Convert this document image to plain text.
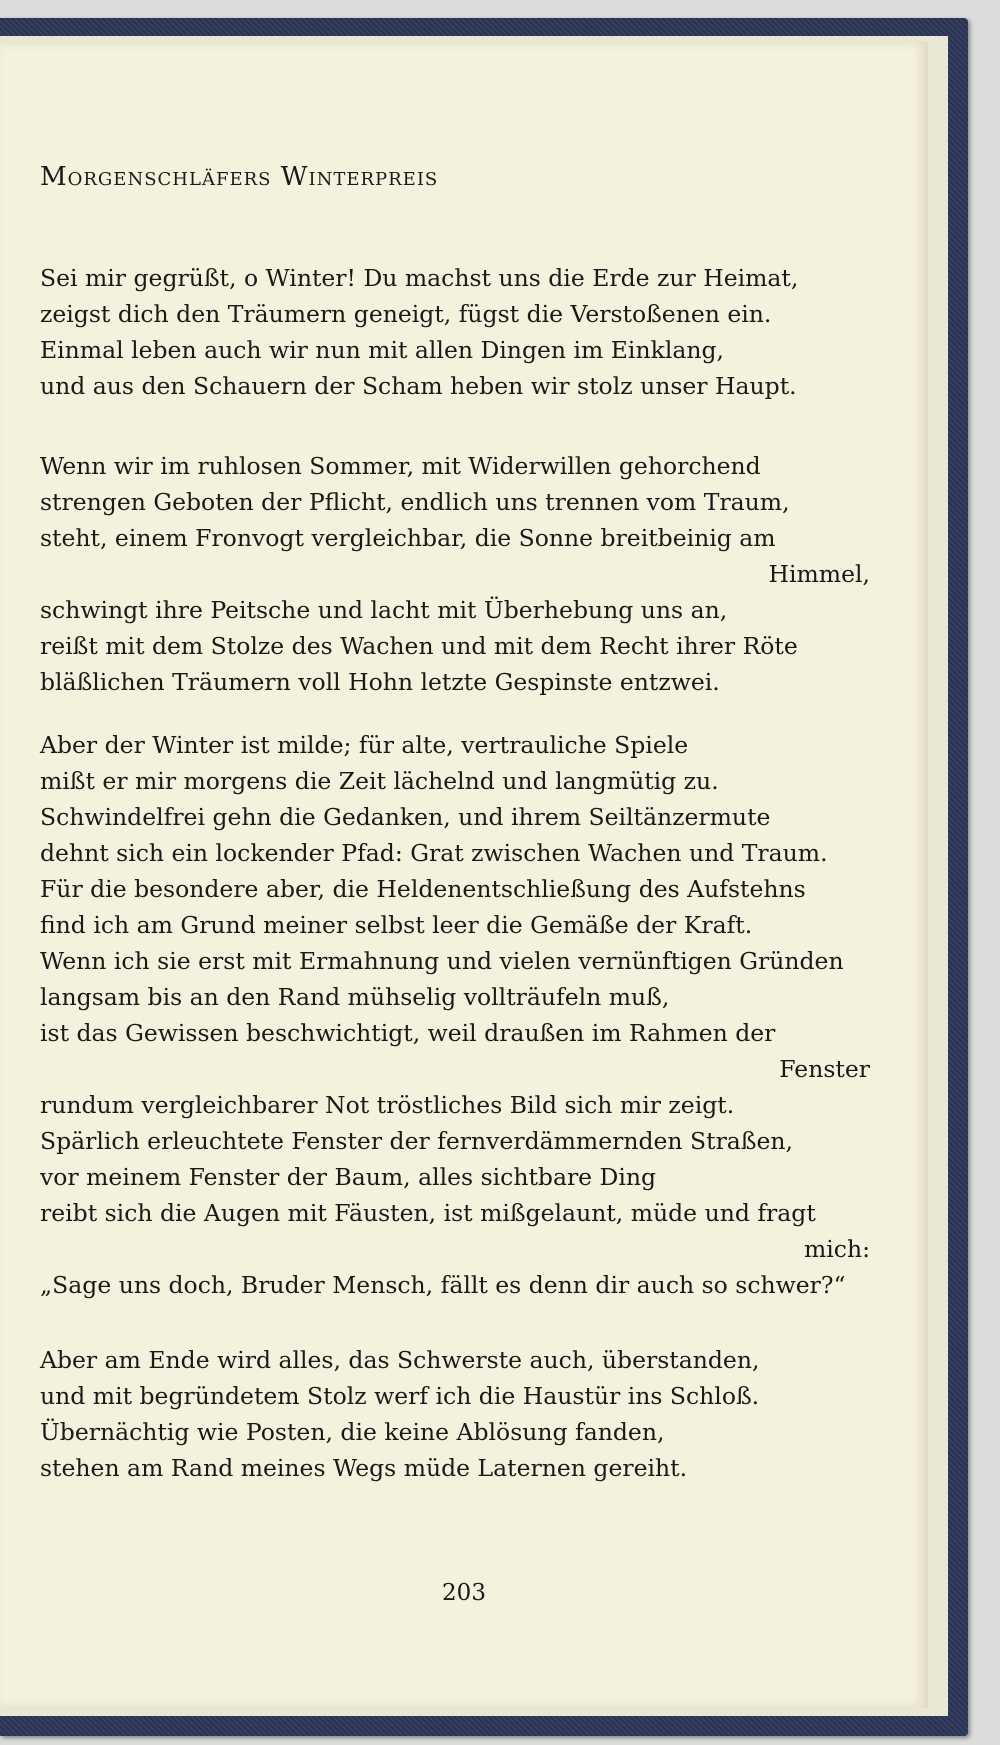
Morgenschläfers Winterpreis
Sei mir gegrüßt, o Winter! Du machst uns die Erde zur Heimat,
zeigst dich den Träumern geneigt, fügst die Verstoßenen ein.
Einmal leben auch wir nun mit allen Dingen im Einklang,
und aus den Schauern der Scham heben wir stolz unser Haupt.
Wenn wir im ruhlosen Sommer, mit Widerwillen gehorchend
strengen Geboten der Pflicht, endlich uns trennen vom Traum,
steht, einem Fronvogt vergleichbar, die Sonne breitbeinig am
Himmel,
schwingt ihre Peitsche und lacht mit Überhebung uns an,
reißt mit dem Stolze des Wachen und mit dem Recht ihrer Röte
bläßlichen Träumern voll Hohn letzte Gespinste entzwei.
Aber der Winter ist milde; für alte, vertrauliche Spiele
mißt er mir morgens die Zeit lächelnd und langmütig zu.
Schwindelfrei gehn die Gedanken, und ihrem Seiltänzermute
dehnt sich ein lockender Pfad: Grat zwischen Wachen und Traum.
Für die besondere aber, die Heldenentschließung des Aufstehns
find ich am Grund meiner selbst leer die Gemäße der Kraft.
Wenn ich sie erst mit Ermahnung und vielen vernünftigen Gründen
langsam bis an den Rand mühselig vollträufeln muß,
ist das Gewissen beschwichtigt, weil draußen im Rahmen der
Fenster
rundum vergleichbarer Not tröstliches Bild sich mir zeigt.
Spärlich erleuchtete Fenster der fernverdämmernden Straßen,
vor meinem Fenster der Baum, alles sichtbare Ding
reibt sich die Augen mit Fäusten, ist mißgelaunt, müde und fragt
mich:
„Sage uns doch, Bruder Mensch, fällt es denn dir auch so schwer?“
Aber am Ende wird alles, das Schwerste auch, überstanden,
und mit begründetem Stolz werf ich die Haustür ins Schloß.
Übernächtig wie Posten, die keine Ablösung fanden,
stehen am Rand meines Wegs müde Laternen gereiht.
203
